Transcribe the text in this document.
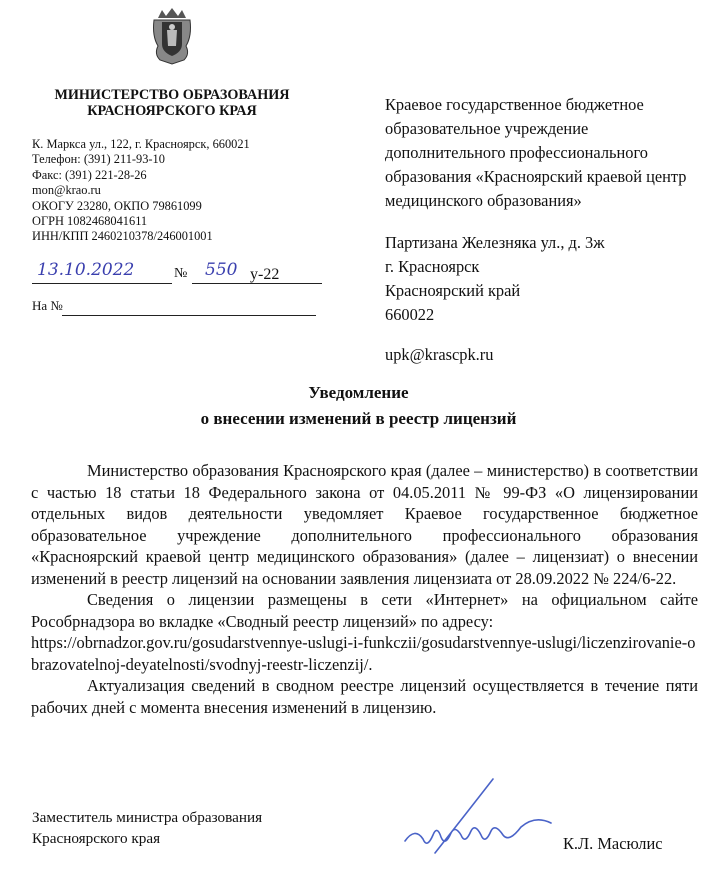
МИНИСТЕРСТВО ОБРАЗОВАНИЯ
КРАСНОЯРСКОГО КРАЯ
К. Маркса ул., 122, г. Красноярск, 660021
Телефон: (391) 211-93-10
Факс: (391) 221-28-26
mon@krao.ru
ОКОГУ 23280, ОКПО 79861099
ОГРН 1082468041611
ИНН/КПП 2460210378/246001001
13.10.2022	№ 550 у-22
На №
Краевое государственное бюджетное образовательное учреждение дополнительного профессионального образования «Красноярский краевой центр медицинского образования»
Партизана Железняка ул., д. 3ж
г. Красноярск
Красноярский край
660022
upk@krascpk.ru
Уведомление
о внесении изменений в реестр лицензий

Министерство образования Красноярского края (далее – министерство) в соответствии с частью 18 статьи 18 Федерального закона от 04.05.2011 № 99-ФЗ «О лицензировании отдельных видов деятельности уведомляет Краевое государственное бюджетное образовательное учреждение дополнительного профессионального образования «Красноярский краевой центр медицинского образования» (далее – лицензиат) о внесении изменений в реестр лицензий на основании заявления лицензиата от 28.09.2022 № 224/6-22.

Сведения о лицензии размещены в сети «Интернет» на официальном сайте Рособрнадзора во вкладке «Сводный реестр лицензий» по адресу:

https://obrnadzor.gov.ru/gosudarstvennye-uslugi-i-funkczii/gosudarstvennye-uslugi/liczenzirovanie-obrazovatelnoj-deyatelnosti/svodnyj-reestr-liczenzij/.

Актуализация сведений в сводном реестре лицензий осуществляется в течение пяти рабочих дней с момента внесения изменений в лицензию.

Заместитель министра образования
Красноярского края	К.Л. Масюлис
